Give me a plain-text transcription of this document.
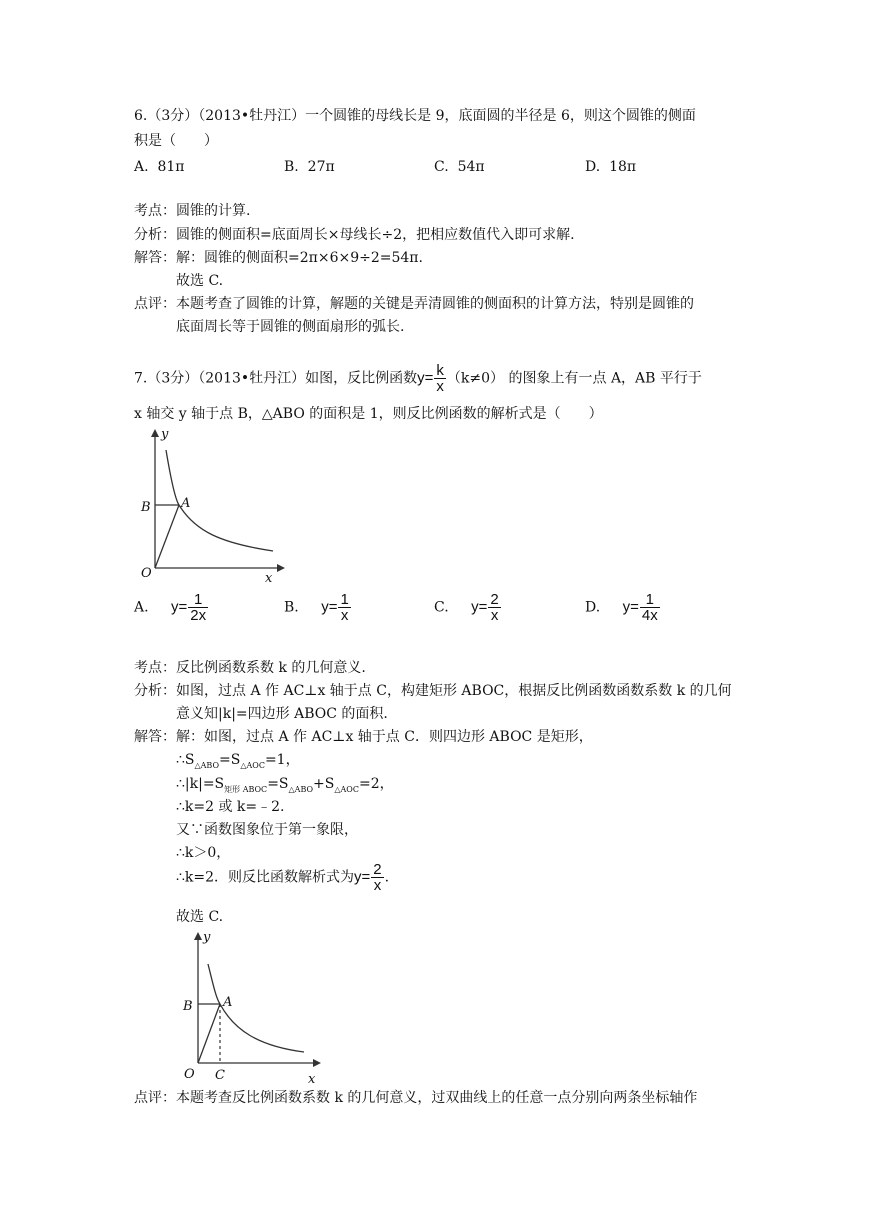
6.（3分）（2013•牡丹江）一个圆锥的母线长是 9，底面圆的半径是 6，则这个圆锥的侧面
积是（　　）
A. 81π	B. 27π	C. 54π	D. 18π
考点：圆锥的计算.
分析：圆锥的侧面积=底面周长×母线长÷2，把相应数值代入即可求解.
解答：解：圆锥的侧面积=2π×6×9÷2=54π.
故选 C.
点评：本题考查了圆锥的计算，解题的关键是弄清圆锥的侧面积的计算方法，特别是圆锥的
底面周长等于圆锥的侧面扇形的弧长.
7.（3分）（2013•牡丹江）如图，反比例函数$y= \frac{k}{x} (k\ne 0)$ 的图象上有一点 A，AB 平行于
x 轴交 y 轴于点 B，△ABO 的面积是 1，则反比例函数的解析式是（　　）
y
x
O
B A
A. $y= \frac{1}{2x}$	B. $y= \frac{1}{x}$	C. $y= \frac{2}{x}$	D. $y= \frac{1}{4x}$
考点：反比例函数系数 k 的几何意义.
分析：如图，过点 A 作 AC⊥x 轴于点 C，构建矩形 ABOC，根据反比例函数函数系数 k 的几何
意义知|k|=四边形 ABOC 的面积.
解答：解：如图，过点 A 作 AC⊥x 轴于点 C．则四边形 ABOC 是矩形，
$\therefore S_{\triangle ABO}=S_{\triangle AOC}=1$，
$\therefore|k|=S_{矩形 ABOC}=S_{\triangle ABO}+S_{\triangle AOC}=2$，
∴k=2 或 k=﹣2.
又∵函数图象位于第一象限，
∴k＞0，
∴k=2．则反比函数解析式为$y= \frac{2}{x}$ .
故选 C.
y
x
O
B A
C
点评：本题考查反比例函数系数 k 的几何意义，过双曲线上的任意一点分别向两条坐标轴作
